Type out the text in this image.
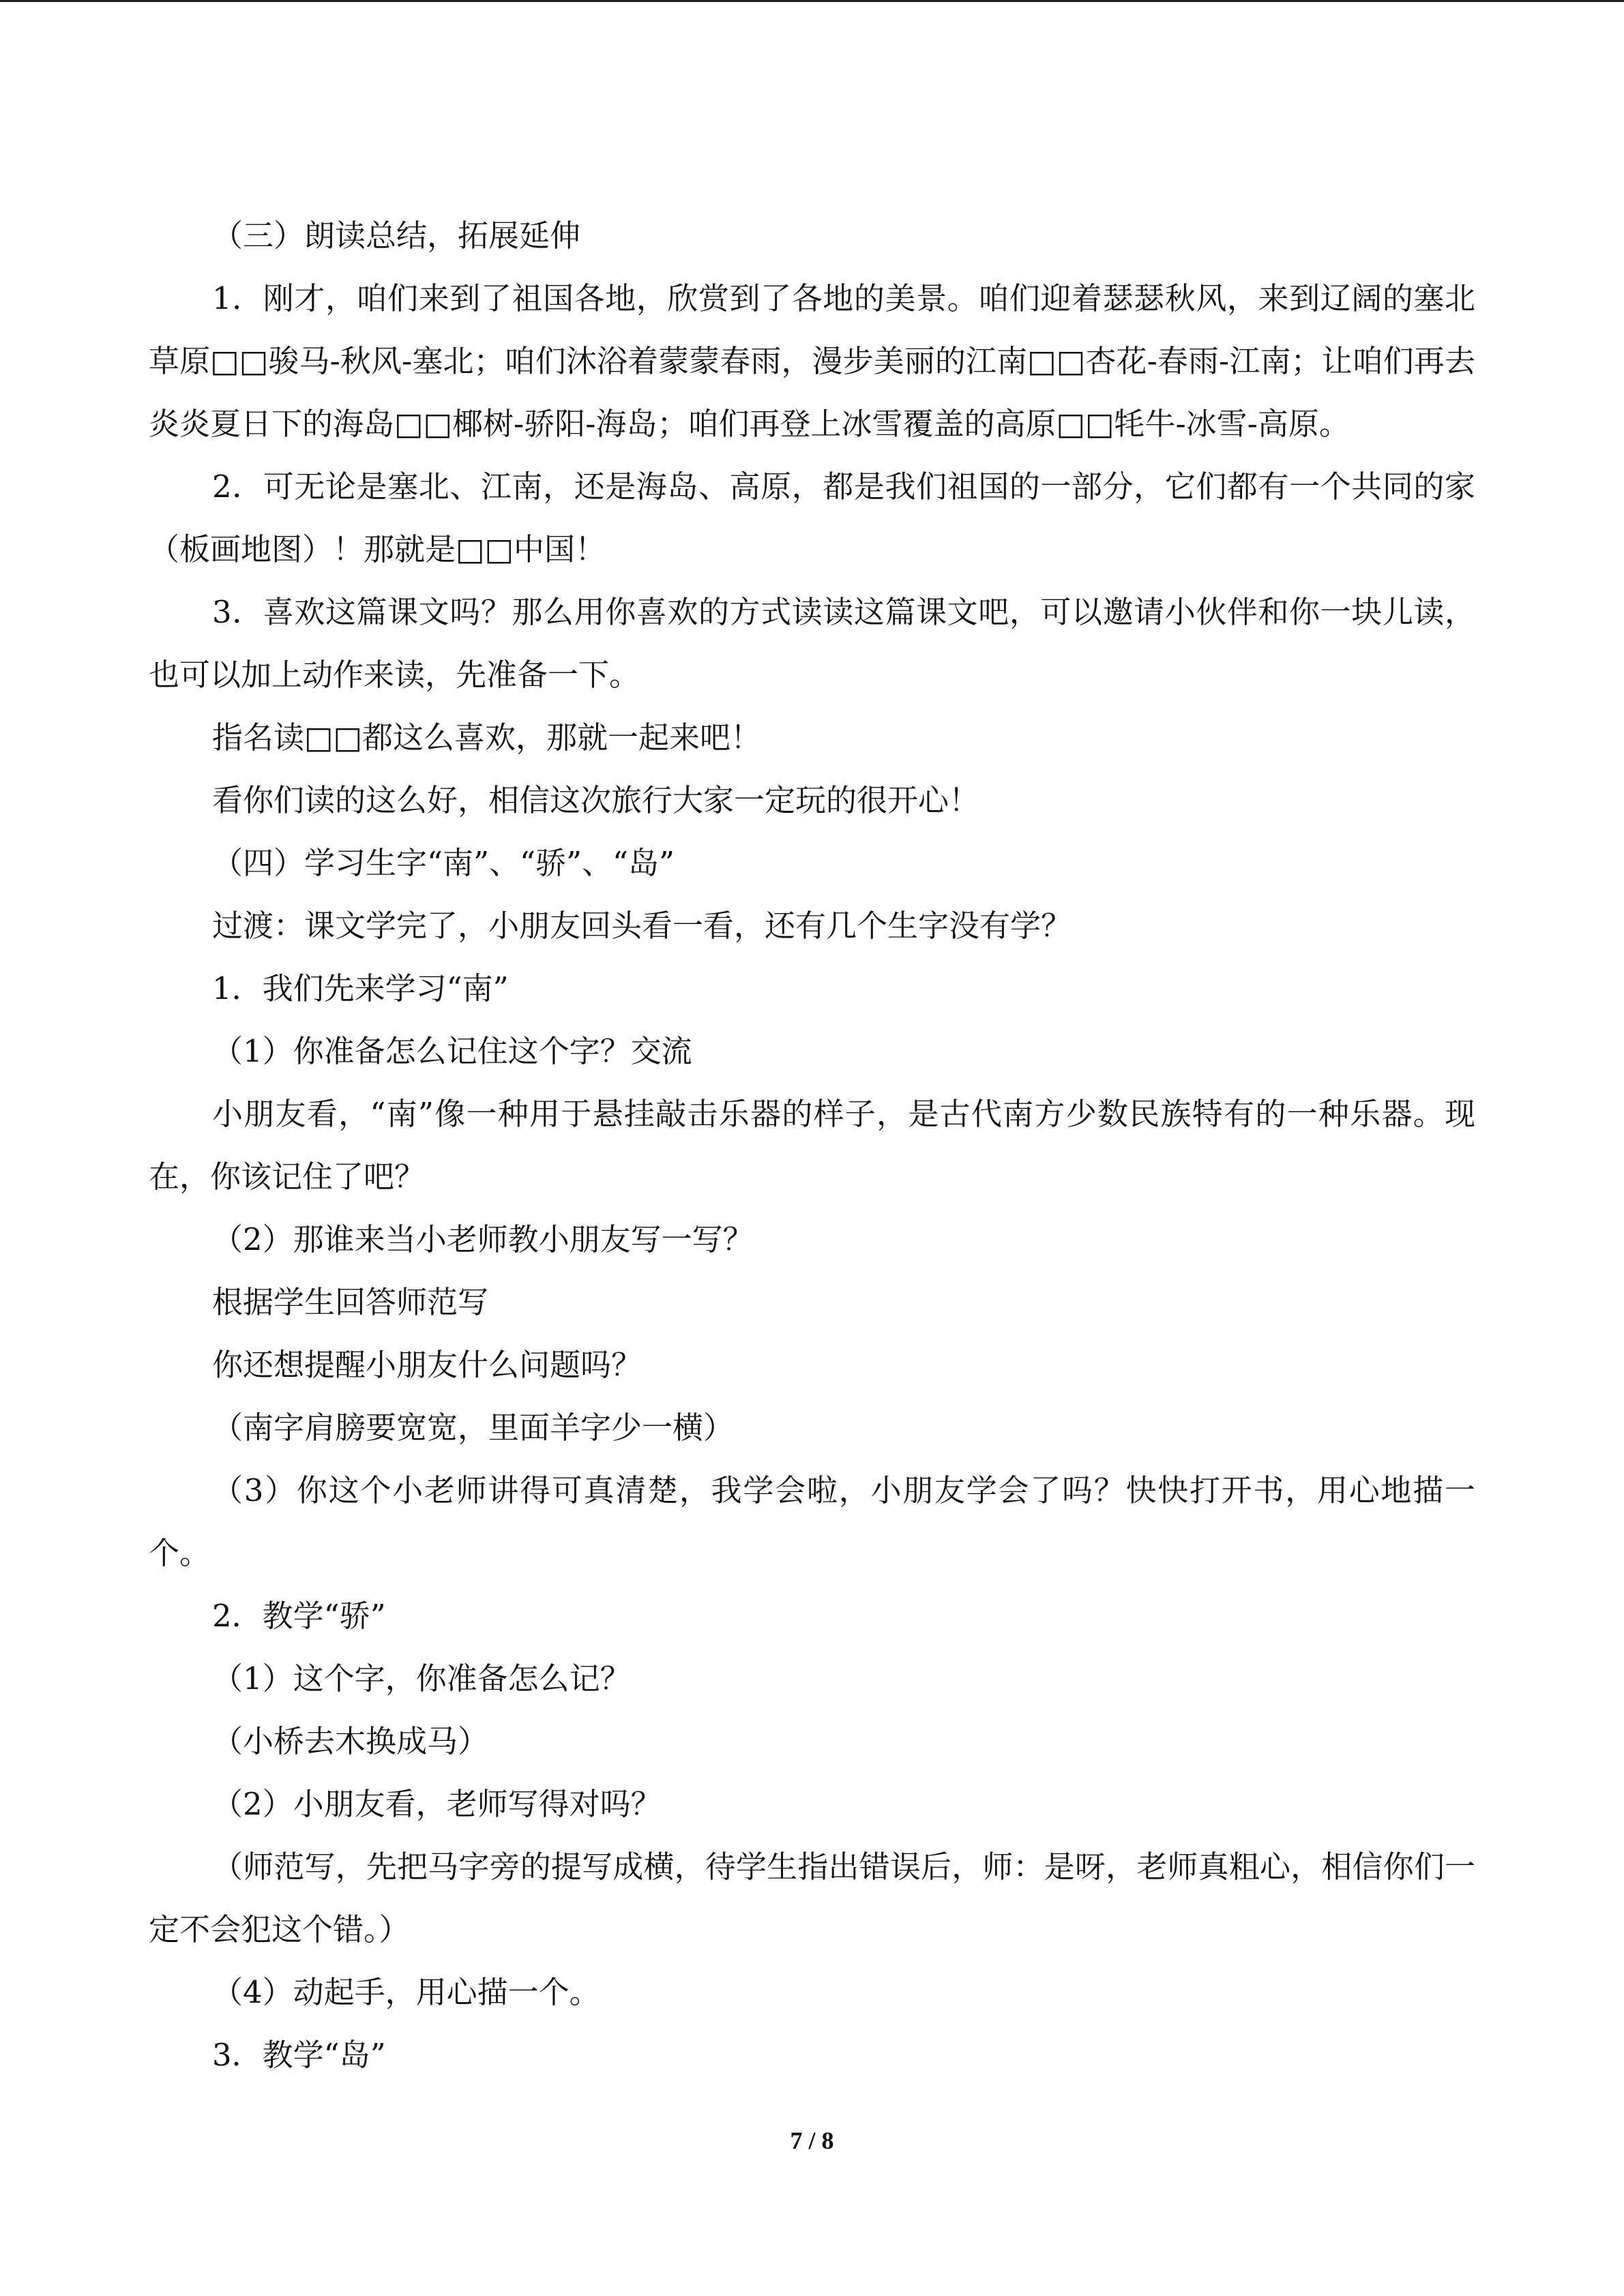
（三）朗读总结，拓展延伸

1．刚才，咱们来到了祖国各地，欣赏到了各地的美景。咱们迎着瑟瑟秋风，来到辽阔的塞北草原□□骏马-秋风-塞北；咱们沐浴着蒙蒙春雨，漫步美丽的江南□□杏花-春雨-江南；让咱们再去炎炎夏日下的海岛□□椰树-骄阳-海岛；咱们再登上冰雪覆盖的高原□□牦牛-冰雪-高原。

2．可无论是塞北、江南，还是海岛、高原，都是我们祖国的一部分，它们都有一个共同的家（板画地图）！那就是□□中国！

3．喜欢这篇课文吗？那么用你喜欢的方式读读这篇课文吧，可以邀请小伙伴和你一块儿读，也可以加上动作来读，先准备一下。

指名读□□都这么喜欢，那就一起来吧！

看你们读的这么好，相信这次旅行大家一定玩的很开心！

（四）学习生字“南”、“骄”、“岛”

过渡：课文学完了，小朋友回头看一看，还有几个生字没有学？

1．我们先来学习“南”

（1）你准备怎么记住这个字？交流

小朋友看，“南”像一种用于悬挂敲击乐器的样子，是古代南方少数民族特有的一种乐器。现在，你该记住了吧？

（2）那谁来当小老师教小朋友写一写？

根据学生回答师范写

你还想提醒小朋友什么问题吗？

（南字肩膀要宽宽，里面羊字少一横）

（3）你这个小老师讲得可真清楚，我学会啦，小朋友学会了吗？快快打开书，用心地描一个。

2．教学“骄”

（1）这个字，你准备怎么记？

（小桥去木换成马）

（2）小朋友看，老师写得对吗？

（师范写，先把马字旁的提写成横，待学生指出错误后，师：是呀，老师真粗心，相信你们一定不会犯这个错。）

（4）动起手，用心描一个。

3．教学“岛”

7 / 8
